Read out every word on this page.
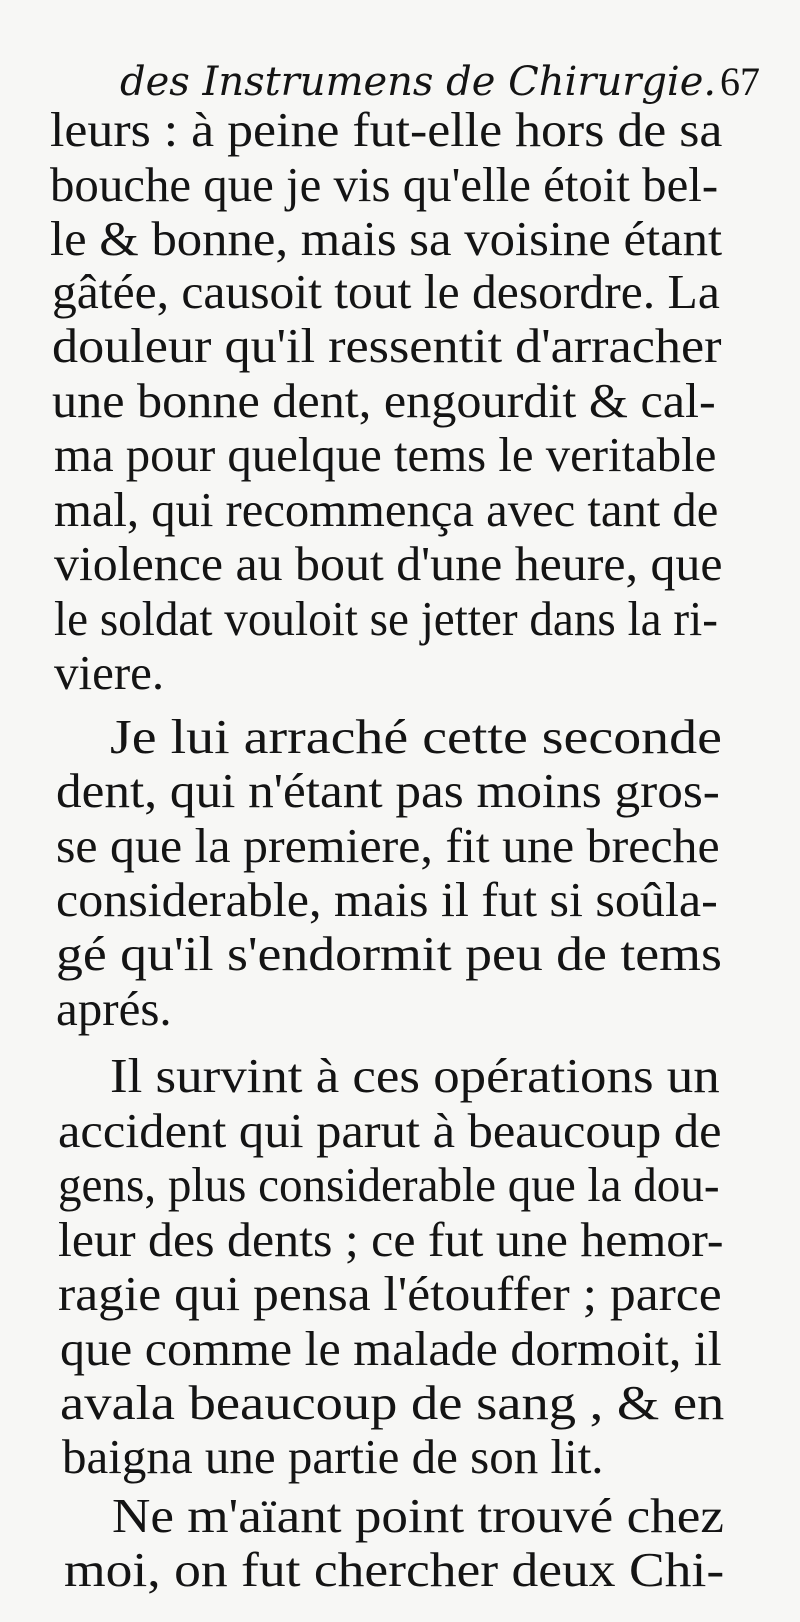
des Instrumens de Chirurgie. 67
leurs : à peine fut-elle hors de sa
bouche que je vis qu'elle étoit bel-
le & bonne, mais sa voisine étant
gâtée, causoit tout le desordre. La
douleur qu'il ressentit d'arracher
une bonne dent, engourdit & cal-
ma pour quelque tems le veritable
mal, qui recommença avec tant de
violence au bout d'une heure, que
le soldat vouloit se jetter dans la ri-
viere.
Je lui arraché cette seconde
dent, qui n'étant pas moins gros-
se que la premiere, fit une breche
considerable, mais il fut si soûla-
gé qu'il s'endormit peu de tems
aprés.
Il survint à ces opérations un
accident qui parut à beaucoup de
gens, plus considerable que la dou-
leur des dents ; ce fut une hemor-
ragie qui pensa l'étouffer ; parce
que comme le malade dormoit, il
avala beaucoup de sang , & en
baigna une partie de son lit.
Ne m'aïant point trouvé chez
moi, on fut chercher deux Chi-
